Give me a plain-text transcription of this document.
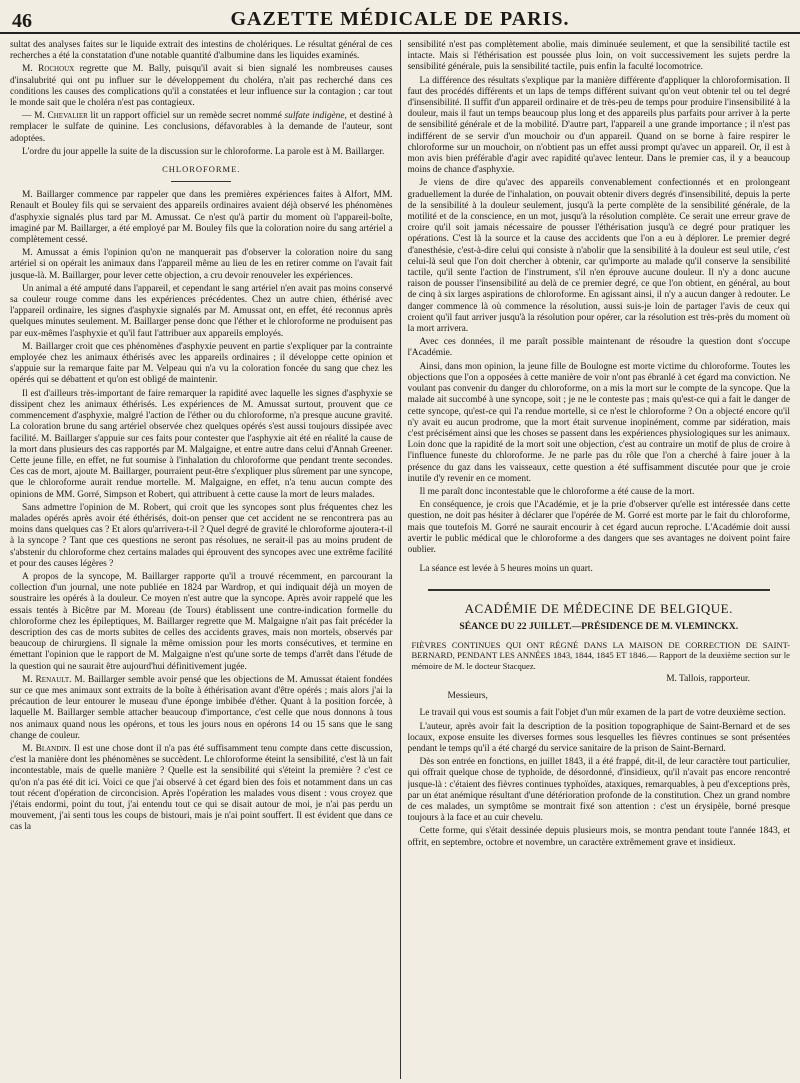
46	GAZETTE MÉDICALE DE PARIS.

sultat des analyses faites sur le liquide extrait des intestins de cholériques. Le résultat général de ces recherches a été la constatation d'une notable quantité d'albumine dans les liquides examinés.

M. Rochoux regrette que M. Bally, puisqu'il avait si bien signalé les nombreuses causes d'insalubrité qui ont pu influer sur le développement du choléra, n'ait pas recherché dans ces conditions les causes des complications qu'il a constatées et leur influence sur la contagion ; car tout le monde sait que le choléra n'est pas contagieux.

— M. Chevalier lit un rapport officiel sur un remède secret nommé sulfate indigène, et destiné à remplacer le sulfate de quinine. Les conclusions, défavorables à la demande de l'auteur, sont adoptées.

L'ordre du jour appelle la suite de la discussion sur le chloroforme. La parole est à M. Baillarger.

CHLOROFORME.

M. Baillarger commence par rappeler que dans les premières expériences faites à Alfort, MM. Renault et Bouley fils qui se servaient des appareils ordinaires avaient déjà observé les phénomènes d'asphyxie signalés plus tard par M. Amussat. Ce n'est qu'à partir du moment où l'appareil-boîte, imaginé par M. Baillarger, a été employé par M. Bouley fils que la coloration noire du sang artériel a complètement cessé.

M. Amussat a émis l'opinion qu'on ne manquerait pas d'observer la coloration noire du sang artériel si on opérait les animaux dans l'appareil même au lieu de les en retirer comme on l'avait fait jusque-là. M. Baillarger, pour lever cette objection, a cru devoir renouveler les expériences.

Un animal a été amputé dans l'appareil, et cependant le sang artériel n'en avait pas moins conservé sa couleur rouge comme dans les expériences précédentes. Chez un autre chien, éthérisé avec l'appareil ordinaire, les signes d'asphyxie signalés par M. Amussat ont, en effet, été reconnus après quelques minutes seulement. M. Baillarger pense donc que l'éther et le chloroforme ne produisent pas par eux-mêmes l'asphyxie et qu'il faut l'attribuer aux appareils employés.

M. Baillarger croit que ces phénomènes d'asphyxie peuvent en partie s'expliquer par la contrainte employée chez les animaux éthérisés avec les appareils ordinaires ; il développe cette opinion et s'appuie sur la remarque faite par M. Velpeau qui n'a vu la coloration foncée du sang que chez les opérés qui se débattent et qu'on est obligé de maintenir.

Il est d'ailleurs très-important de faire remarquer la rapidité avec laquelle les signes d'asphyxie se dissipent chez les animaux éthérisés. Les expériences de M. Amussat surtout, prouvent que ce commencement d'asphyxie, malgré l'action de l'éther ou du chloroforme, n'a presque aucune gravité. La coloration brune du sang artériel observée chez quelques opérés s'est aussi toujours dissipée avec facilité. M. Baillarger s'appuie sur ces faits pour contester que l'asphyxie ait été en réalité la cause de la mort dans plusieurs des cas rapportés par M. Malgaigne, et entre autre dans celui d'Annah Greener. Cette jeune fille, en effet, ne fut soumise à l'inhalation du chloroforme que pendant trente secondes. Ces cas de mort, ajoute M. Baillarger, pourraient peut-être s'expliquer plus sûrement par une syncope, que le chloroforme aurait rendue mortelle. M. Malgaigne, en effet, n'a tenu aucun compte des opinions de MM. Gorré, Simpson et Robert, qui attribuent à cette cause la mort de leurs malades.

Sans admettre l'opinion de M. Robert, qui croit que les syncopes sont plus fréquentes chez les malades opérés après avoir été éthérisés, doit-on penser que cet accident ne se rencontrera pas au moins dans quelques cas ? Et alors qu'arrivera-t-il ? Quel degré de gravité le chloroforme ajoutera-t-il à la syncope ? Tant que ces questions ne seront pas résolues, ne serait-il pas au moins prudent de s'abstenir du chloroforme chez certains malades qui éprouvent des syncopes avec une extrême facilité et pour des causes légères ?

A propos de la syncope, M. Baillarger rapporte qu'il a trouvé récemment, en parcourant la collection d'un journal, une note publiée en 1824 par Wardrop, et qui indiquait déjà un moyen de soustraire les opérés à la douleur. Ce moyen n'est autre que la syncope. Après avoir rappelé que les essais tentés à Bicêtre par M. Moreau (de Tours) établissent une contre-indication formelle du chloroforme chez les épileptiques, M. Baillarger regrette que M. Malgaigne n'ait pas fait précéder la description des cas de morts subites de celles des accidents graves, mais non mortels, observés par beaucoup de chirurgiens. Il signale la même omission pour les morts consécutives, et termine en émettant l'opinion que le rapport de M. Malgaigne n'est qu'une sorte de temps d'arrêt dans l'étude de la question qui ne saurait être aujourd'hui définitivement jugée.

M. Renault. M. Baillarger semble avoir pensé que les objections de M. Amussat étaient fondées sur ce que mes animaux sont extraits de la boîte à éthérisation avant d'être opérés ; mais alors j'ai la précaution de leur entourer le museau d'une éponge imbibée d'éther. Quant à la position forcée, à laquelle M. Baillarger semble attacher beaucoup d'importance, c'est celle que nous donnons à tous nos animaux quand nous les opérons, et tous les jours nous en opérons 14 ou 15 sans que le sang change de couleur.

M. Blandin. Il est une chose dont il n'a pas été suffisamment tenu compte dans cette discussion, c'est la manière dont les phénomènes se succèdent. Le chloroforme éteint la sensibilité, c'est là un fait incontestable, mais de quelle manière ? Quelle est la sensibilité qui s'éteint la première ? c'est ce qu'on n'a pas été dit ici. Voici ce que j'ai observé à cet égard bien des fois et notamment dans un cas tout récent d'opération de circoncision. Après l'opération les malades vous disent : vous croyez que j'étais endormi, point du tout, j'ai entendu tout ce qui se disait autour de moi, je n'ai pas perdu un mouvement, j'ai senti tous les coups de bistouri, mais je n'ai point souffert. Il est évident que dans ce cas la

sensibilité n'est pas complètement abolie, mais diminuée seulement, et que la sensibilité tactile est intacte. Mais si l'éthérisation est poussée plus loin, on voit successivement les sujets perdre la sensibilité générale, puis la sensibilité tactile, puis enfin la faculté locomotrice.

La différence des résultats s'explique par la manière différente d'appliquer la chloroformisation. Il faut des procédés différents et un laps de temps différent suivant qu'on veut obtenir tel ou tel degré d'insensibilité. Il suffit d'un appareil ordinaire et de très-peu de temps pour produire l'insensibilité à la douleur, mais il faut un temps beaucoup plus long et des appareils plus parfaits pour arriver à la perte de sensibilité générale et de la mobilité. D'autre part, l'appareil a une grande importance ; il n'est pas indifférent de se servir d'un mouchoir ou d'un appareil. Quand on se borne à faire respirer le chloroforme sur un mouchoir, on n'obtient pas un effet aussi prompt qu'avec un appareil. Or, il est à mon avis bien préférable d'agir avec rapidité qu'avec lenteur. Dans le premier cas, il y a beaucoup moins de chance d'asphyxie.

Je viens de dire qu'avec des appareils convenablement confectionnés et en prolongeant graduellement la durée de l'inhalation, on pouvait obtenir divers degrés d'insensibilité, depuis la perte de la sensibilité à la douleur seulement, jusqu'à la perte complète de la sensibilité générale, de la motilité et de la conscience, en un mot, jusqu'à la résolution complète. Ce serait une erreur grave de croire qu'il soit jamais nécessaire de pousser l'éthérisation jusqu'à ce degré pour pratiquer les opérations. C'est là la source et la cause des accidents que l'on a eu à déplorer. Le premier degré d'anesthésie, c'est-à-dire celui qui consiste à n'abolir que la sensibilité à la douleur est seul utile, c'est celui-là seul que l'on doit chercher à obtenir, car qu'importe au malade qu'il conserve la sensibilité tactile, qu'il sente l'action de l'instrument, s'il n'en éprouve aucune douleur. Il n'y a donc aucune raison de pousser l'insensibilité au delà de ce premier degré, ce que l'on obtient, en général, au bout de cinq à six larges aspirations de chloroforme. En agissant ainsi, il n'y a aucun danger à redouter. Le danger commence là où commence la résolution, aussi suis-je loin de partager l'avis de ceux qui croient qu'il faut arriver jusqu'à la résolution pour opérer, car la résolution est très-près du moment où la mort arrivera.

Avec ces données, il me paraît possible maintenant de résoudre la question dont s'occupe l'Académie.

Ainsi, dans mon opinion, la jeune fille de Boulogne est morte victime du chloroforme. Toutes les objections que l'on a opposées à cette manière de voir n'ont pas ébranlé à cet égard ma conviction. Ne voulant pas convenir du danger du chloroforme, on a mis la mort sur le compte de la syncope. Que la malade ait succombé à une syncope, soit ; je ne le conteste pas ; mais qu'est-ce qui a fait le danger de cette syncope, qu'est-ce qui l'a rendue mortelle, si ce n'est le chloroforme ? On a objecté encore qu'il n'y avait eu aucun prodrome, que la mort était survenue inopinément, comme par sidération, mais c'est précisément ainsi que les choses se passent dans les expériences physiologiques sur les animaux. Loin donc que la rapidité de la mort soit une objection, c'est au contraire un motif de plus de croire à l'influence funeste du chloroforme. Je ne parle pas du rôle que l'on a cherché à faire jouer à la présence du gaz dans les vaisseaux, cette question a été suffisamment discutée pour que je croie inutile d'y revenir en ce moment.

Il me paraît donc incontestable que le chloroforme a été cause de la mort.

En conséquence, je crois que l'Académie, et je la prie d'observer qu'elle est intéressée dans cette question, ne doit pas hésiter à déclarer que l'opérée de M. Gorré est morte par le fait du chloroforme, mais que toutefois M. Gorré ne saurait encourir à cet égard aucun reproche. L'Académie doit aussi avertir le public médical que le chloroforme a des dangers que ses avantages ne doivent point faire oublier.

La séance est levée à 5 heures moins un quart.

ACADÉMIE DE MÉDECINE DE BELGIQUE.
SÉANCE DU 22 JUILLET.—PRÉSIDENCE DE M. VLEMINCKX.

FIÈVRES CONTINUES QUI ONT RÉGNÉ DANS LA MAISON DE CORRECTION DE SAINT-BERNARD, PENDANT LES ANNÉES 1843, 1844, 1845 ET 1846.— Rapport de la deuxième section sur le mémoire de M. le docteur Stacquez.

M. Tallois, rapporteur.
Messieurs,

Le travail qui vous est soumis a fait l'objet d'un mûr examen de la part de votre deuxième section.

L'auteur, après avoir fait la description de la position topographique de Saint-Bernard et de ses locaux, expose ensuite les diverses formes sous lesquelles les fièvres continues se sont présentées pendant le temps qu'il a été chargé du service sanitaire de la prison de Saint-Bernard.

Dès son entrée en fonctions, en juillet 1843, il a été frappé, dit-il, de leur caractère tout particulier, qui offrait quelque chose de typhoïde, de désordonné, d'insidieux, qu'il n'avait pas encore rencontré jusque-là : c'étaient des fièvres continues typhoïdes, ataxiques, remarquables, à peu d'exceptions près, par un état anémique résultant d'une détérioration profonde de la constitution. Chez un grand nombre de ces malades, un symptôme se montrait fixé son attention : c'est un érysipèle, borné presque toujours à la face et au cuir chevelu.

Cette forme, qui s'était dessinée depuis plusieurs mois, se montra pendant toute l'année 1843, et offrit, en septembre, octobre et novembre, un caractère extrêmement grave et insidieux.
